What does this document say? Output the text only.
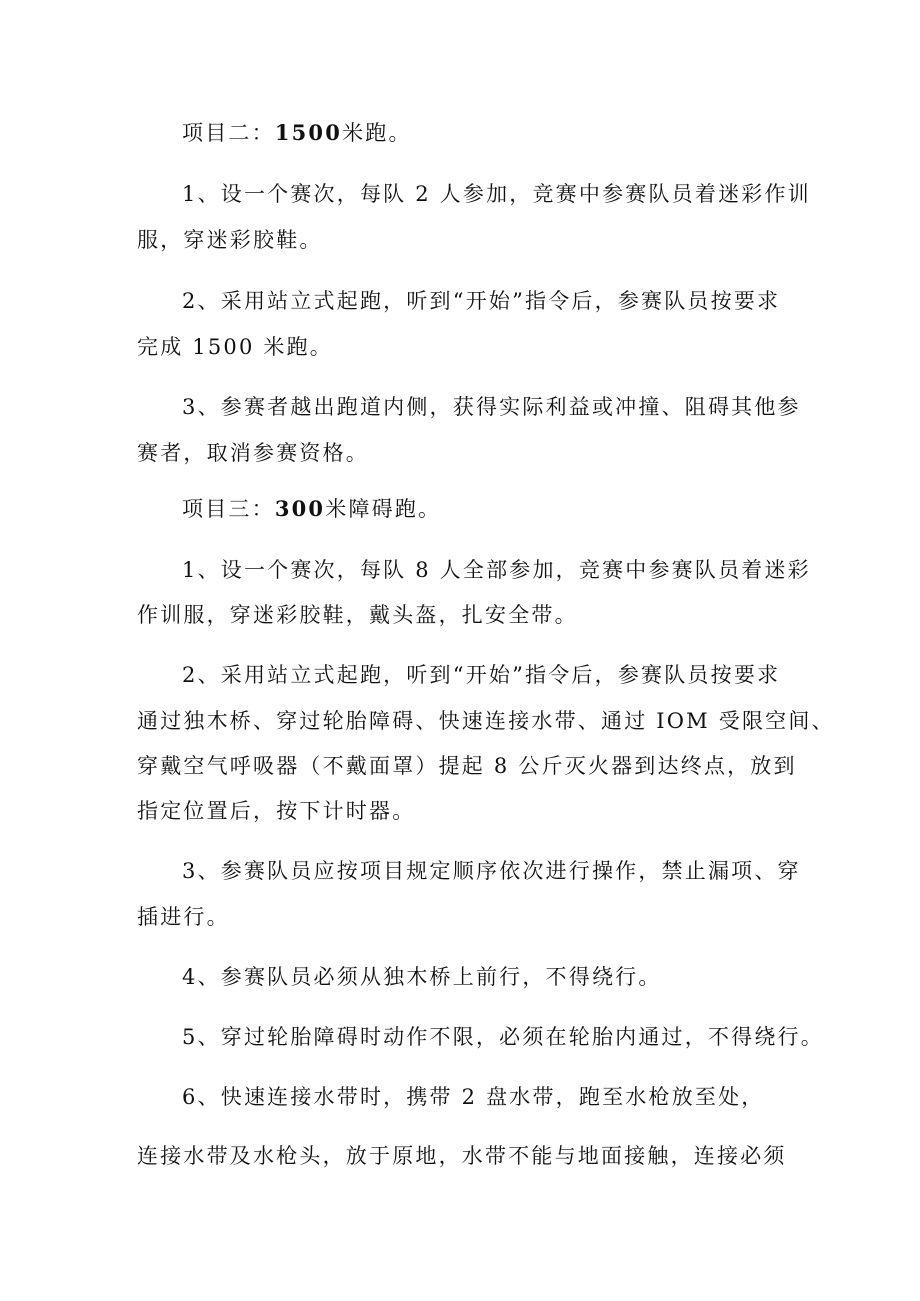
项目二：1500米跑。
1、设一个赛次，每队 2 人参加，竞赛中参赛队员着迷彩作训
服，穿迷彩胶鞋。
2、采用站立式起跑，听到“开始”指令后，参赛队员按要求
完成 1500 米跑。
3、参赛者越出跑道内侧，获得实际利益或冲撞、阻碍其他参
赛者，取消参赛资格。
项目三：300米障碍跑。
1、设一个赛次，每队 8 人全部参加，竞赛中参赛队员着迷彩
作训服，穿迷彩胶鞋，戴头盔，扎安全带。
2、采用站立式起跑，听到“开始”指令后，参赛队员按要求
通过独木桥、穿过轮胎障碍、快速连接水带、通过 IOM 受限空间、
穿戴空气呼吸器（不戴面罩）提起 8 公斤灭火器到达终点，放到
指定位置后，按下计时器。
3、参赛队员应按项目规定顺序依次进行操作，禁止漏项、穿
插进行。
4、参赛队员必须从独木桥上前行，不得绕行。
5、穿过轮胎障碍时动作不限，必须在轮胎内通过，不得绕行。
6、快速连接水带时，携带 2 盘水带，跑至水枪放至处，
连接水带及水枪头，放于原地，水带不能与地面接触，连接必须
